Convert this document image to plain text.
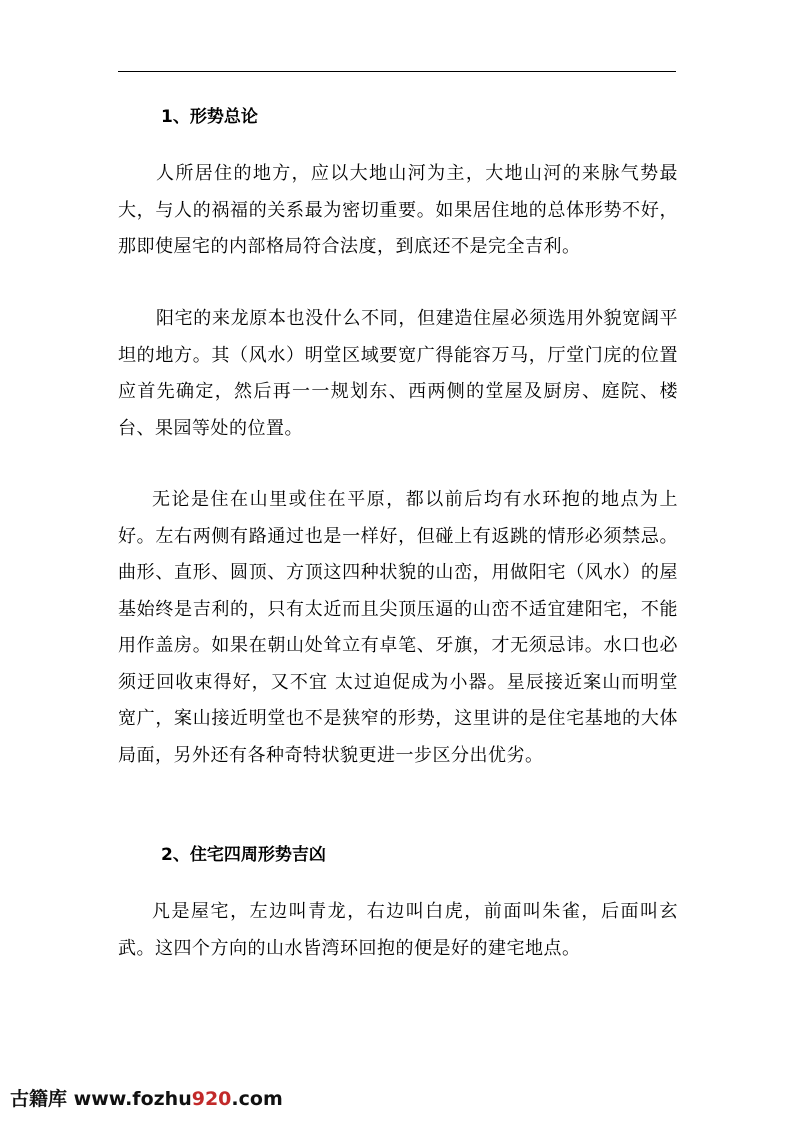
1、形势总论

人所居住的地方，应以大地山河为主，大地山河的来脉气势最大，与人的祸福的关系最为密切重要。如果居住地的总体形势不好，那即使屋宅的内部格局符合法度，到底还不是完全吉利。

阳宅的来龙原本也没什么不同，但建造住屋必须选用外貌宽阔平坦的地方。其（风水）明堂区域要宽广得能容万马，厅堂门庑的位置应首先确定，然后再一一规划东、西两侧的堂屋及厨房、庭院、楼台、果园等处的位置。

无论是住在山里或住在平原，都以前后均有水环抱的地点为上好。左右两侧有路通过也是一样好，但碰上有返跳的情形必须禁忌。曲形、直形、圆顶、方顶这四种状貌的山峦，用做阳宅（风水）的屋基始终是吉利的，只有太近而且尖顶压逼的山峦不适宜建阳宅，不能用作盖房。如果在朝山处耸立有卓笔、牙旗，才无须忌讳。水口也必须迂回收束得好，又不宜 太过迫促成为小器。星辰接近案山而明堂宽广，案山接近明堂也不是狭窄的形势，这里讲的是住宅基地的大体局面，另外还有各种奇特状貌更进一步区分出优劣。

2、住宅四周形势吉凶

凡是屋宅，左边叫青龙，右边叫白虎，前面叫朱雀，后面叫玄武。这四个方向的山水皆湾环回抱的便是好的建宅地点。

古籍库 www.fozhu920.com
